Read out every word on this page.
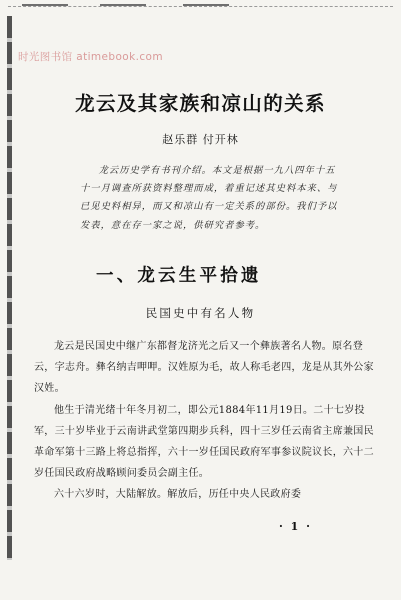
时光图书馆 atimebook.com
龙云及其家族和凉山的关系
赵乐群 付开林
龙云历史学有书刊介绍。本文是根据一九八四年十五十一月调查所获资料整理而成，着重记述其史料本来、与已见史料相异，而又和凉山有一定关系的部份。我们予以发表，意在存一家之说，供研究者参考。
一、龙云生平拾遗
民国史中有名人物

龙云是民国史中继广东都督龙济光之后又一个彝族著名人物。原名登云，字志舟。彝名纳吉呷呷。汉姓原为毛，故人称毛老四，龙是从其外公家汉姓。

他生于清光绪十年冬月初二，即公元1884年11月19日。二十七岁投军，三十岁毕业于云南讲武堂第四期步兵科，四十三岁任云南省主席兼国民革命军第十三路上将总指挥，六十一岁任国民政府军事参议院议长，六十二岁任国民政府战略顾问委员会副主任。

六十六岁时，大陆解放。解放后，历任中央人民政府委

· 1 ·
